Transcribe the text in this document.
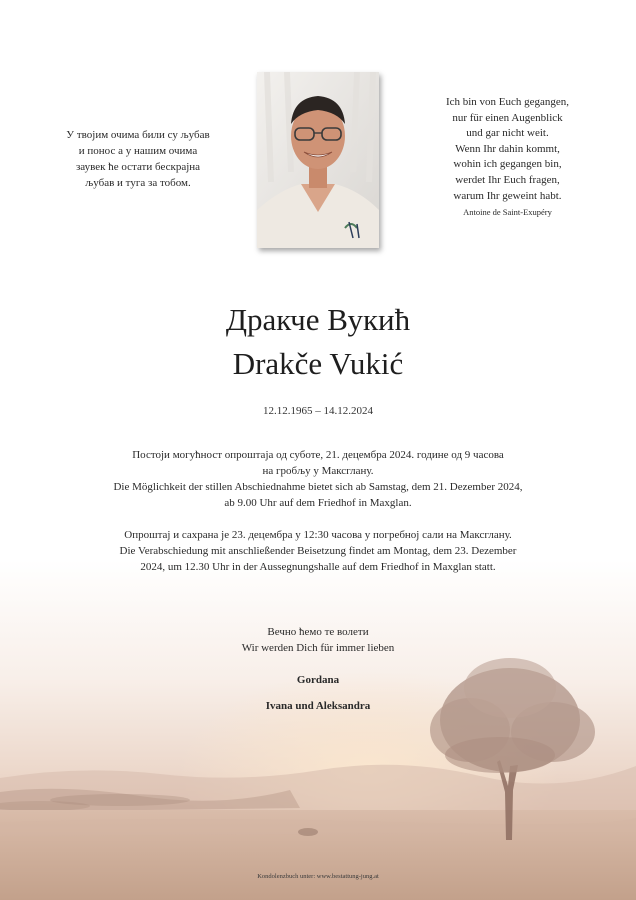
У твојим очима били су љубав
и понос а у нашим очима
заувек ће остати бескрајна
љубав и туга за тобом.
Ich bin von Euch gegangen,
nur für einen Augenblick
und gar nicht weit.
Wenn Ihr dahin kommt,
wohin ich gegangen bin,
werdet Ihr Euch fragen,
warum Ihr geweint habt.
Antoine de Saint-Exupéry
Дракче Вукић
Drakče Vukić
12.12.1965 – 14.12.2024
Постоји могућност опроштаја од суботе, 21. децембра 2024. године од 9 часова
на гробљу у Максглану.
Die Möglichkeit der stillen Abschiednahme bietet sich ab Samstag, dem 21. Dezember 2024,
ab 9.00 Uhr auf dem Friedhof in Maxglan.
Опроштај и сахрана је 23. децембра у 12:30 часова у погребној сали на Максглану.
Die Verabschiedung mit anschließender Beisetzung findet am Montag, dem 23. Dezember
2024, um 12.30 Uhr in der Aussegnungshalle auf dem Friedhof in Maxglan statt.
Вечно ћемо те волети
Wir werden Dich für immer lieben
Gordana
Ivana und Aleksandra
Kondolenzbuch unter: www.bestattung-jung.at
